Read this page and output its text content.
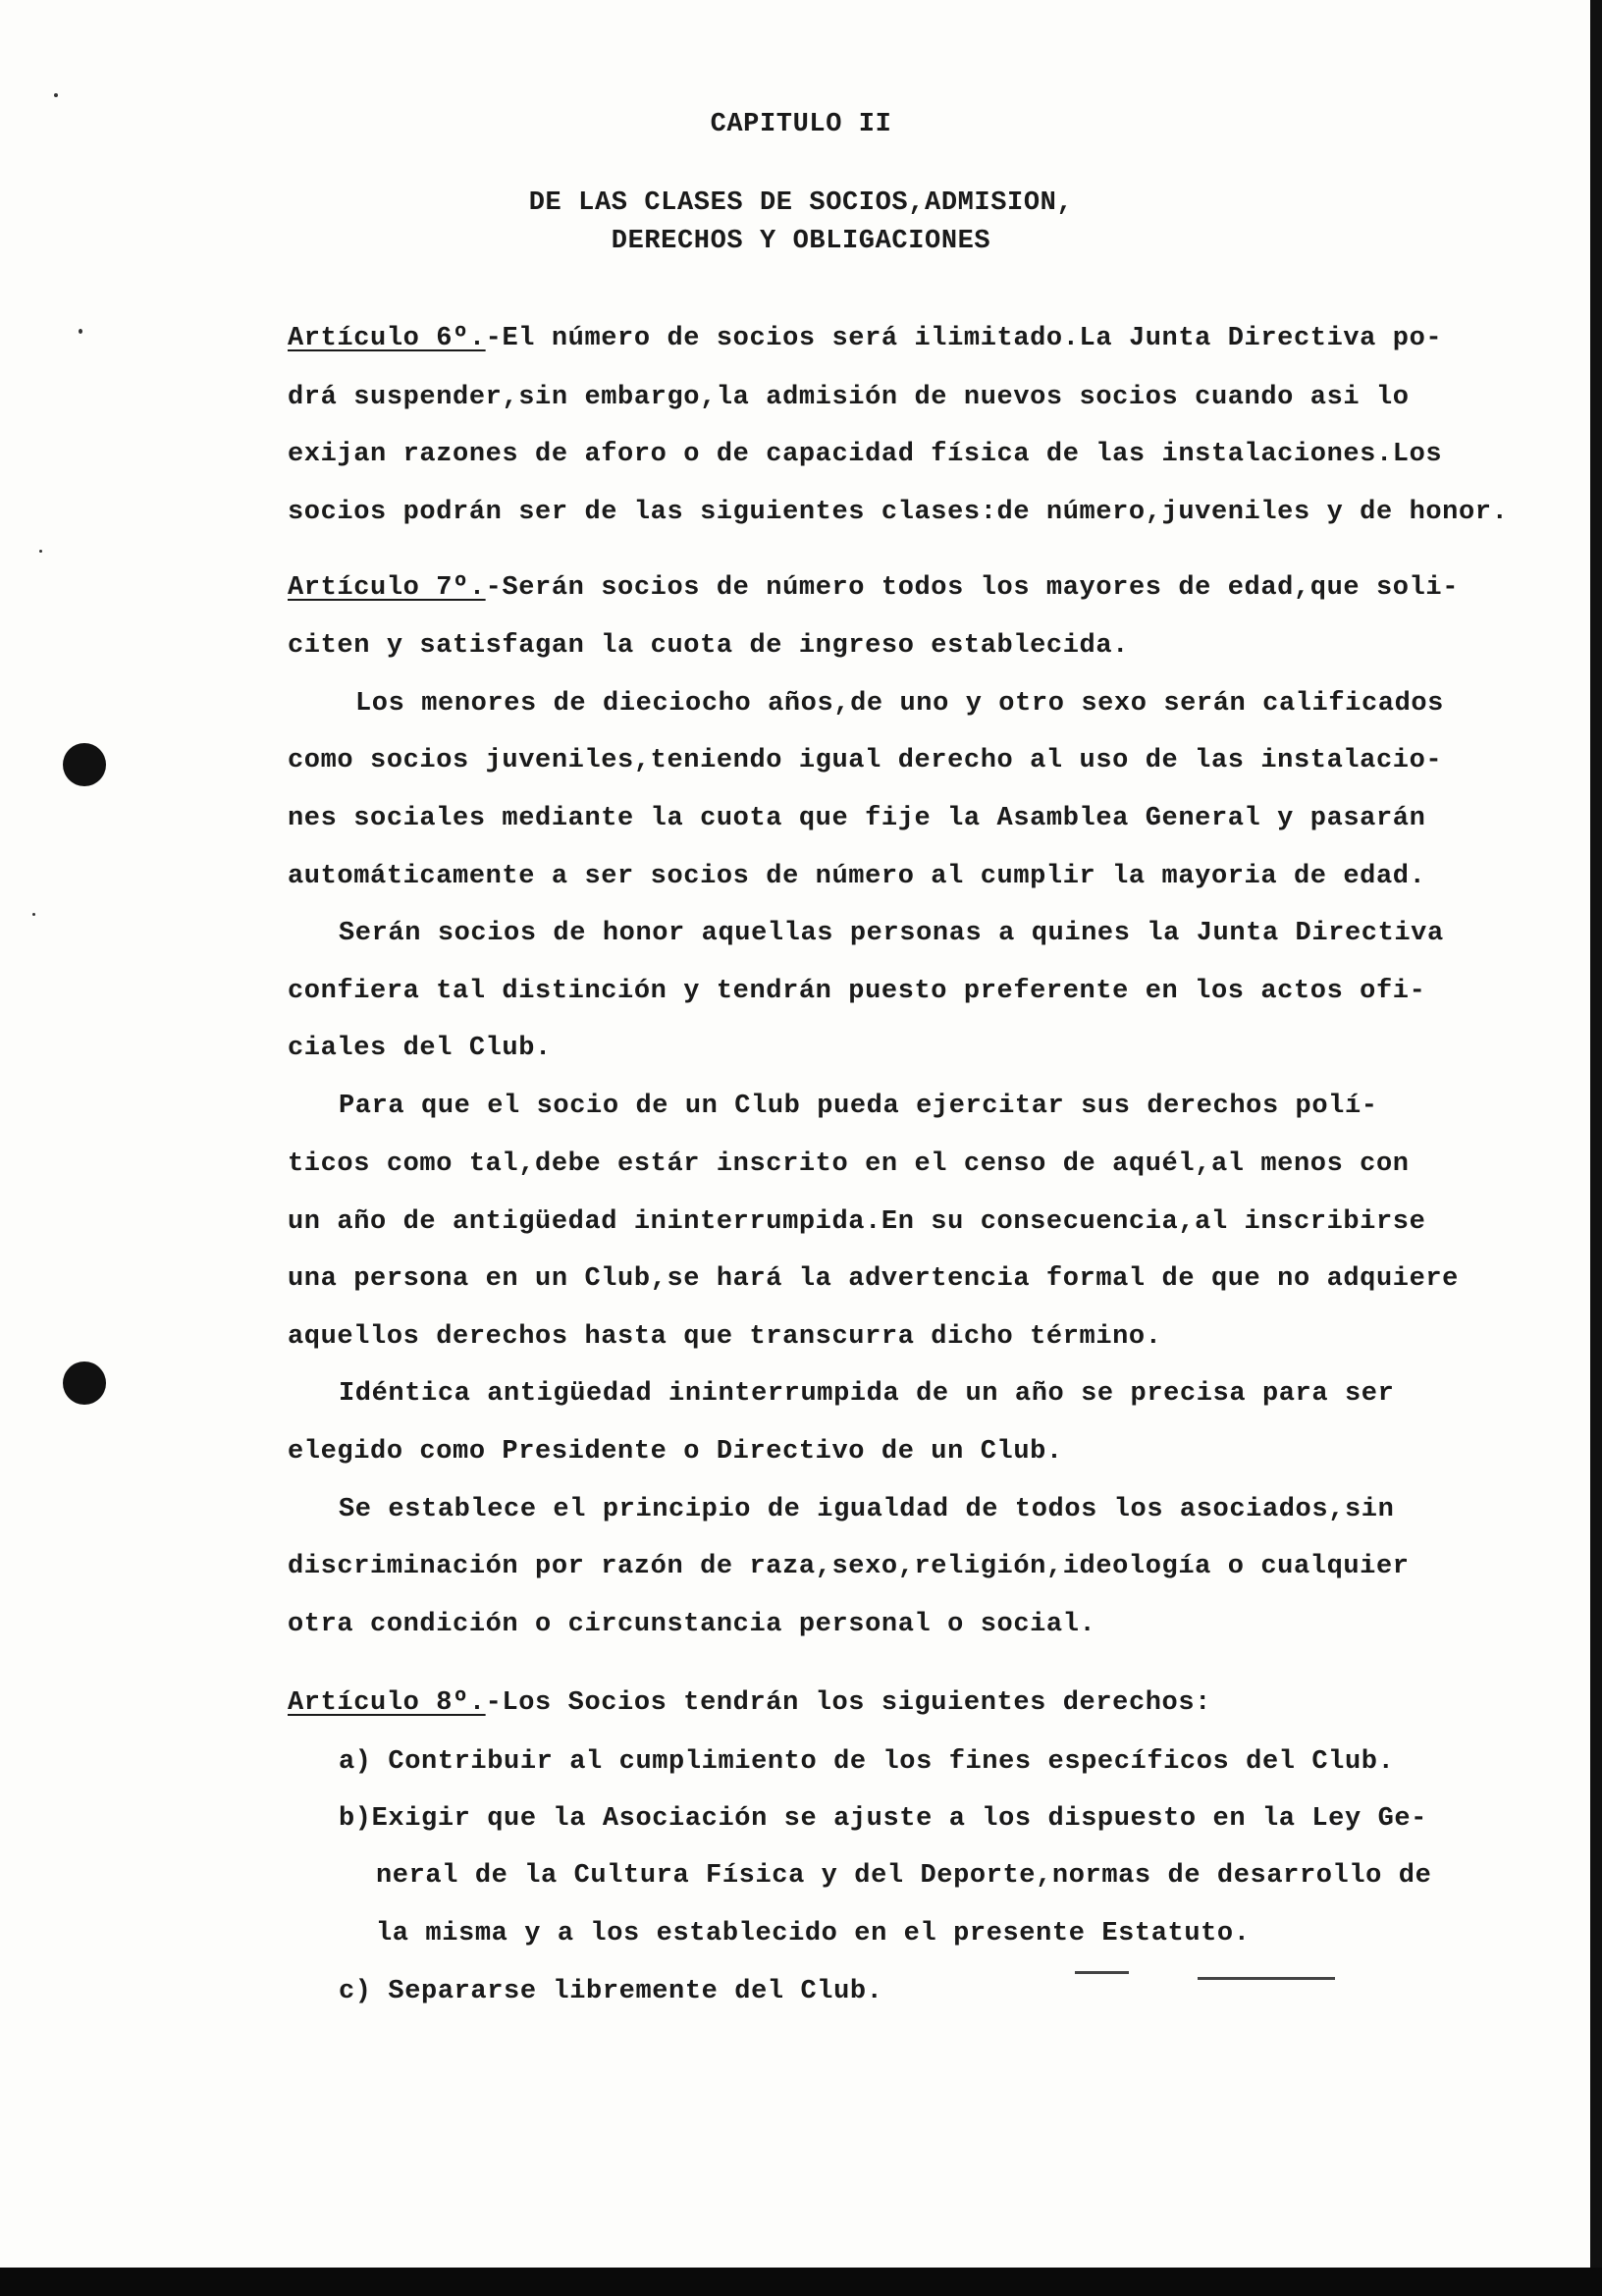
CAPITULO II
DE LAS CLASES DE SOCIOS,ADMISION,
DERECHOS Y OBLIGACIONES
Artículo 6º.-El número de socios será ilimitado.La Junta Directiva po-
drá suspender,sin embargo,la admisión de nuevos socios cuando asi lo
exijan razones de aforo o de capacidad física de las instalaciones.Los
socios podrán ser de las siguientes clases:de número,juveniles y de honor.
Artículo 7º.-Serán socios de número todos los mayores de edad,que soli-
citen y satisfagan la cuota de ingreso establecida.
Los menores de dieciocho años,de uno y otro sexo serán calificados
como socios juveniles,teniendo igual derecho al uso de las instalacio-
nes sociales mediante la cuota que fije la Asamblea General y pasarán
automáticamente a ser socios de número al cumplir la mayoria de edad.
Serán socios de honor aquellas personas a quines la Junta Directiva
confiera tal distinción y tendrán puesto preferente en los actos ofi-
ciales del Club.
Para que el socio de un Club pueda ejercitar sus derechos polí-
ticos como tal,debe estár inscrito en el censo de aquél,al menos con
un año de antigüedad ininterrumpida.En su consecuencia,al inscribirse
una persona en un Club,se hará la advertencia formal de que no adquiere
aquellos derechos hasta que transcurra dicho término.
Idéntica antigüedad ininterrumpida de un año se precisa para ser
elegido como Presidente o Directivo de un Club.
Se establece el principio de igualdad de todos los asociados,sin
discriminación por razón de raza,sexo,religión,ideología o cualquier
otra condición o circunstancia personal o social.
Artículo 8º.-Los Socios tendrán los siguientes derechos:
a) Contribuir al cumplimiento de los fines específicos del Club.
b)Exigir que la Asociación se ajuste a los dispuesto en la Ley Ge-
neral de la Cultura Física y del Deporte,normas de desarrollo de
la misma y a los establecido en el presente Estatuto.
c) Separarse libremente del Club.
